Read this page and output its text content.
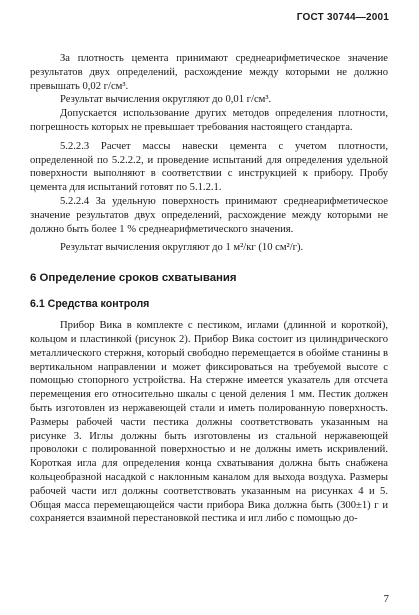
ГОСТ 30744—2001

За плотность цемента принимают среднеарифметическое значение результатов двух определений, расхождение между которыми не должно превышать 0,02 г/см³.

Результат вычисления округляют до 0,01 г/см³.

Допускается использование других методов определения плотности, погрешность которых не превышает требования настоящего стандарта.

5.2.2.3 Расчет массы навески цемента с учетом плотности, определенной по 5.2.2.2, и проведение испытаний для определения удельной поверхности выполняют в соответствии с инструкцией к прибору. Пробу цемента для испытаний готовят по 5.1.2.1.

5.2.2.4 За удельную поверхность принимают среднеарифметическое значение результатов двух определений, расхождение между которыми не должно быть более 1 % среднеарифметического значения.

Результат вычисления округляют до 1 м²/кг (10 см²/г).

6 Определение сроков схватывания
6.1 Средства контроля

Прибор Вика в комплекте с пестиком, иглами (длинной и короткой), кольцом и пластинкой (рисунок 2). Прибор Вика состоит из цилиндрического металлического стержня, который свободно перемещается в обойме станины в вертикальном направлении и может фиксироваться на требуемой высоте с помощью стопорного устройства. На стержне имеется указатель для отсчета перемещения его относительно шкалы с ценой деления 1 мм. Пестик должен быть изготовлен из нержавеющей стали и иметь полированную поверхность. Размеры рабочей части пестика должны соответствовать указанным на рисунке 3. Иглы должны быть изготовлены из стальной нержавеющей проволоки с полированной поверхностью и не должны иметь искривлений. Короткая игла для определения конца схватывания должна быть снабжена кольцеобразной насадкой с наклонным каналом для выхода воздуха. Размеры рабочей части игл должны соответствовать указанным на рисунках 4 и 5. Общая масса перемещающейся части прибора Вика должна быть (300±1) г и сохраняется взаимной перестановкой пестика и игл либо с помощью до-

7
